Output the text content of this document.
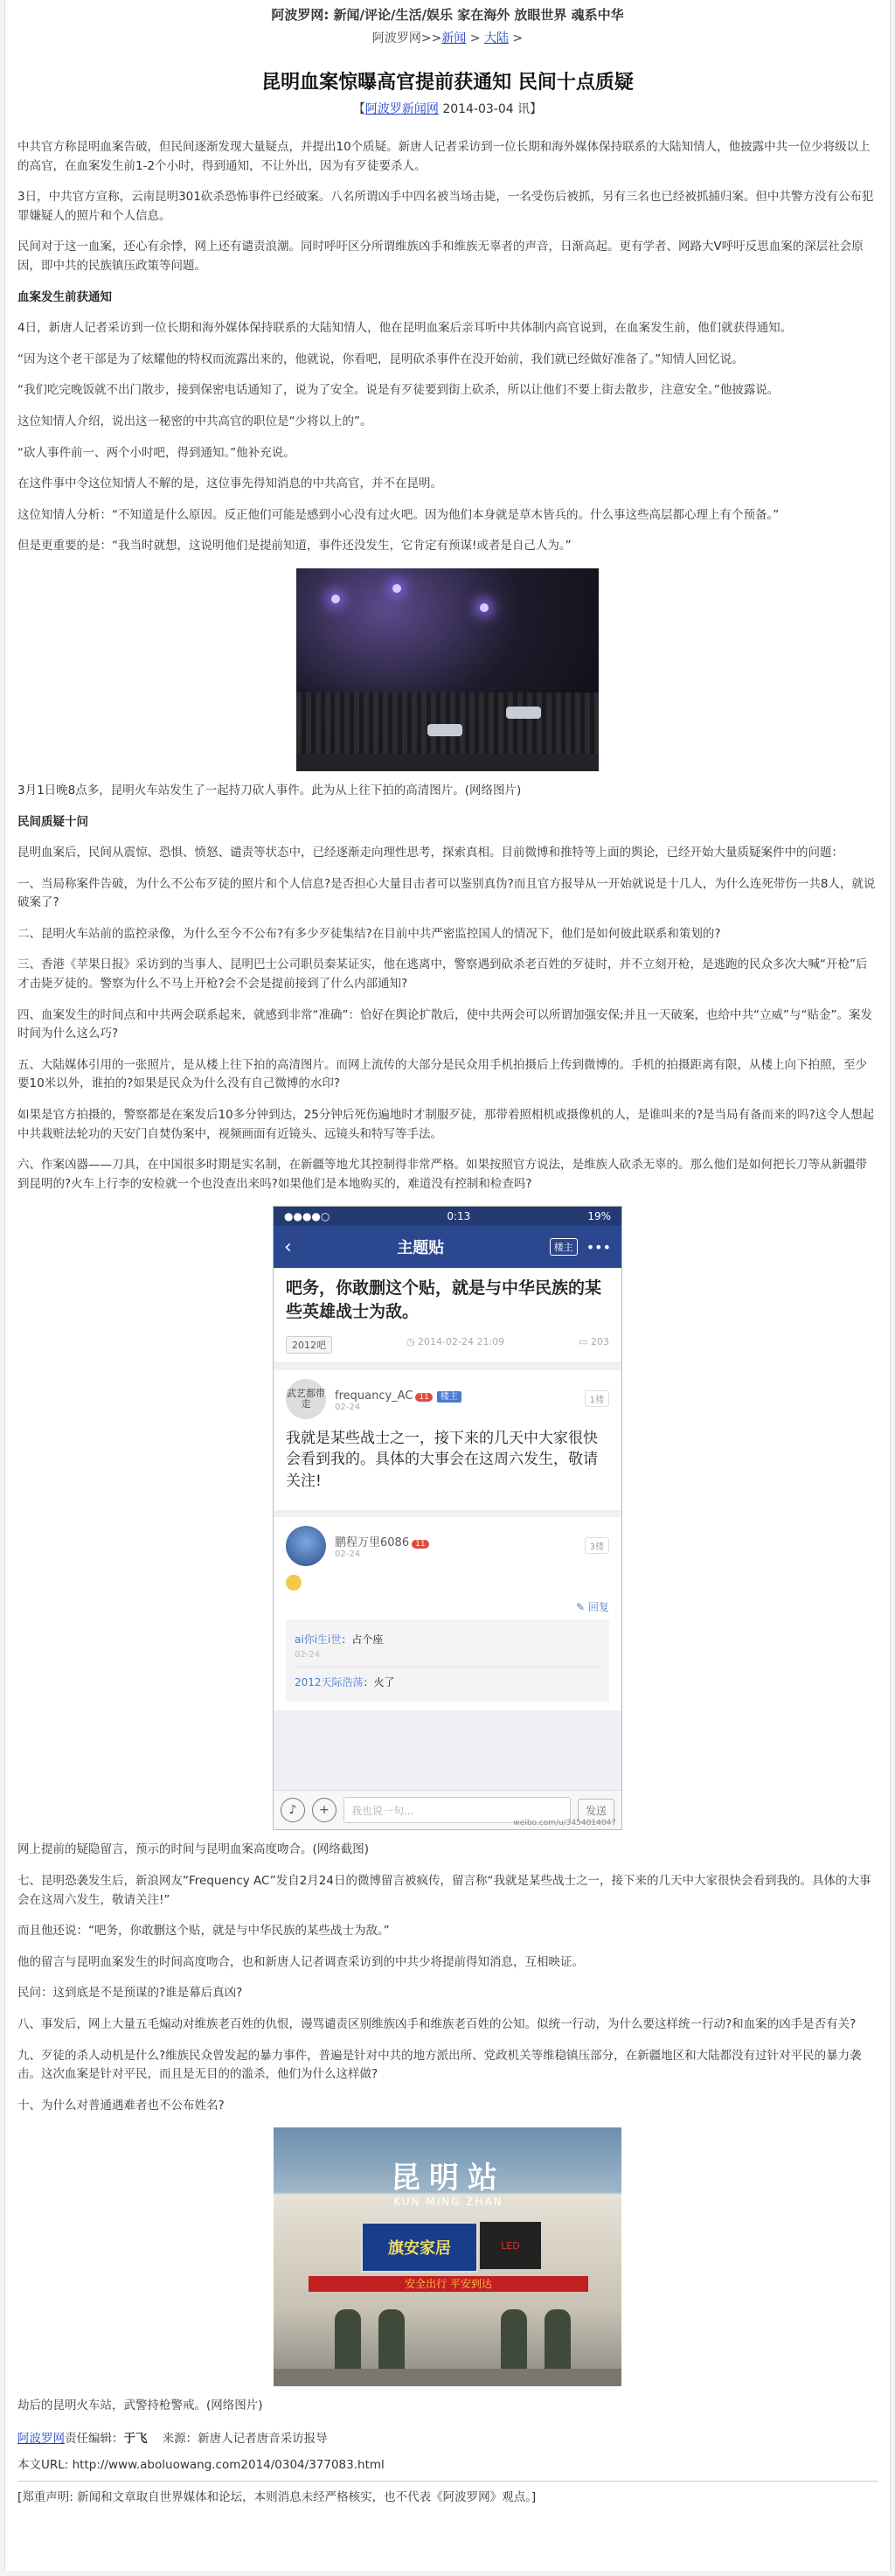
阿波罗网: 新闻/评论/生活/娱乐 家在海外 放眼世界 魂系中华
阿波罗网>>新闻 > 大陆 >
昆明血案惊曝高官提前获通知 民间十点质疑
【阿波罗新闻网 2014-03-04 讯】

中共官方称昆明血案告破，但民间逐渐发现大量疑点，并提出10个质疑。新唐人记者采访到一位长期和海外媒体保持联系的大陆知情人，他披露中共一位少将级以上的高官，在血案发生前1-2个小时，得到通知，不让外出，因为有歹徒要杀人。

3日，中共官方宣称，云南昆明301砍杀恐怖事件已经破案。八名所谓凶手中四名被当场击毙，一名受伤后被抓，另有三名也已经被抓捕归案。但中共警方没有公布犯罪嫌疑人的照片和个人信息。

民间对于这一血案，还心有余悸，网上还有谴责浪潮。同时呼吁区分所谓维族凶手和维族无辜者的声音，日渐高起。更有学者、网路大V呼吁反思血案的深层社会原因，即中共的民族镇压政策等问题。

血案发生前获通知

4日，新唐人记者采访到一位长期和海外媒体保持联系的大陆知情人，他在昆明血案后亲耳听中共体制内高官说到，在血案发生前，他们就获得通知。

“因为这个老干部是为了炫耀他的特权而流露出来的，他就说，你看吧，昆明砍杀事件在没开始前，我们就已经做好准备了。”知情人回忆说。

“我们吃完晚饭就不出门散步，接到保密电话通知了，说为了安全。说是有歹徒要到街上砍杀，所以让他们不要上街去散步，注意安全。”他披露说。

这位知情人介绍，说出这一秘密的中共高官的职位是“少将以上的”。

“砍人事件前一、两个小时吧，得到通知。”他补充说。

在这件事中令这位知情人不解的是，这位事先得知消息的中共高官，并不在昆明。

这位知情人分析：“不知道是什么原因。反正他们可能是感到小心没有过火吧。因为他们本身就是草木皆兵的。什么事这些高层都心理上有个预备。”

但是更重要的是：“我当时就想，这说明他们是提前知道，事件还没发生，它肯定有预谋!或者是自己人为。”

3月1日晚8点多，昆明火车站发生了一起持刀砍人事件。此为从上往下拍的高清图片。(网络图片)

民间质疑十问

昆明血案后，民间从震惊、恐惧、愤怒、谴责等状态中，已经逐渐走向理性思考，探索真相。目前微博和推特等上面的舆论，已经开始大量质疑案件中的问题：

一、当局称案件告破，为什么不公布歹徒的照片和个人信息?是否担心大量目击者可以鉴别真伪?而且官方报导从一开始就说是十几人，为什么连死带伤一共8人，就说破案了?

二、昆明火车站前的监控录像，为什么至今不公布?有多少歹徒集结?在目前中共严密监控国人的情况下，他们是如何彼此联系和策划的?

三、香港《苹果日报》采访到的当事人、昆明巴士公司职员秦某证实，他在逃离中，警察遇到砍杀老百姓的歹徒时，并不立刻开枪，是逃跑的民众多次大喊“开枪”后才击毙歹徒的。警察为什么不马上开枪?会不会是提前接到了什么内部通知?

四、血案发生的时间点和中共两会联系起来，就感到非常“准确”：恰好在舆论扩散后，使中共两会可以所谓加强安保;并且一天破案，也给中共“立威”与“贴金”。案发时间为什么这么巧?

五、大陆媒体引用的一张照片，是从楼上往下拍的高清图片。而网上流传的大部分是民众用手机拍摄后上传到微博的。手机的拍摄距离有限，从楼上向下拍照，至少要10米以外，谁拍的?如果是民众为什么没有自己微博的水印?

如果是官方拍摄的，警察都是在案发后10多分钟到达，25分钟后死伤遍地时才制服歹徒，那带着照相机或摄像机的人，是谁叫来的?是当局有备而来的吗?这令人想起中共栽赃法轮功的天安门自焚伪案中，视频画面有近镜头、远镜头和特写等手法。

六、作案凶器——刀具，在中国很多时期是实名制，在新疆等地尤其控制得非常严格。如果按照官方说法，是维族人砍杀无辜的。那么他们是如何把长刀等从新疆带到昆明的?火车上行李的安检就一个也没查出来吗?如果他们是本地购买的，难道没有控制和检查吗?

●●●●○	0:13	19%
‹	主题贴	楼主 •••
吧务，你敢删这个贴，就是与中华民族的某些英雄战士为敌。
2012吧	◷ 2014-02-24 21:09	▭ 203
武艺都带走
frequancy_AC 11 楼主
02-24
1楼
我就是某些战士之一，接下来的几天中大家很快会看到我的。具体的大事会在这周六发生，敬请关注!
鹏程万里6086 11
02-24
3楼
✎ 回复
ai你i生i世：占个座
02-24
2012天际浩荡：火了
♪	+	我也说一句...	发送
weibo.com/u/3454014047

网上提前的疑隐留言，预示的时间与昆明血案高度吻合。(网络截图)

七、昆明恐袭发生后，新浪网友“Frequency AC”发自2月24日的微博留言被疯传，留言称“我就是某些战士之一，接下来的几天中大家很快会看到我的。具体的大事会在这周六发生，敬请关注!”

而且他还说：“吧务，你敢删这个贴，就是与中华民族的某些战士为敌。”

他的留言与昆明血案发生的时间高度吻合，也和新唐人记者调查采访到的中共少将提前得知消息，互相映证。

民问：这到底是不是预谋的?谁是幕后真凶?

八、事发后，网上大量五毛煽动对维族老百姓的仇恨，谩骂谴责区别维族凶手和维族老百姓的公知。似统一行动，为什么要这样统一行动?和血案的凶手是否有关?

九、歹徒的杀人动机是什么?维族民众曾发起的暴力事件，普遍是针对中共的地方派出所、党政机关等维稳镇压部分，在新疆地区和大陆都没有过针对平民的暴力袭击。这次血案是针对平民，而且是无目的的滥杀，他们为什么这样做?

十、为什么对普通遇难者也不公布姓名?

昆明站
KUN MING ZHAN
旗安家居	LED
安全出行 平安到达

劫后的昆明火车站，武警持枪警戒。(网络图片)

阿波罗网责任编辑：于飞 来源：新唐人记者唐音采访报导
本文URL: http://www.aboluowang.com2014/0304/377083.html
[郑重声明: 新闻和文章取自世界媒体和论坛，本则消息未经严格核实，也不代表《阿波罗网》观点。]
